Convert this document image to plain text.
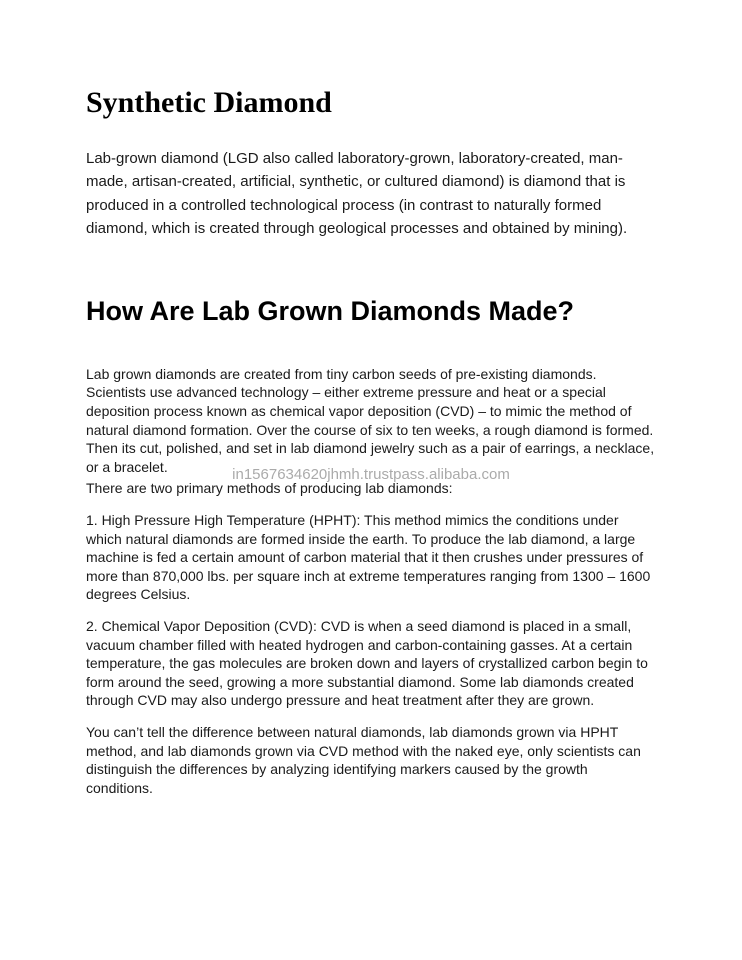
Synthetic Diamond

Lab-grown diamond (LGD also called laboratory-grown, laboratory-created, man-made, artisan-created, artificial, synthetic, or cultured diamond) is diamond that is produced in a controlled technological process (in contrast to naturally formed diamond, which is created through geological processes and obtained by mining).

How Are Lab Grown Diamonds Made?

Lab grown diamonds are created from tiny carbon seeds of pre-existing diamonds. Scientists use advanced technology – either extreme pressure and heat or a special deposition process known as chemical vapor deposition (CVD) – to mimic the method of natural diamond formation. Over the course of six to ten weeks, a rough diamond is formed. Then its cut, polished, and set in lab diamond jewelry such as a pair of earrings, a necklace, or a bracelet.

There are two primary methods of producing lab diamonds:

1. High Pressure High Temperature (HPHT): This method mimics the conditions under which natural diamonds are formed inside the earth. To produce the lab diamond, a large machine is fed a certain amount of carbon material that it then crushes under pressures of more than 870,000 lbs. per square inch at extreme temperatures ranging from 1300 – 1600 degrees Celsius.

2. Chemical Vapor Deposition (CVD): CVD is when a seed diamond is placed in a small, vacuum chamber filled with heated hydrogen and carbon-containing gasses. At a certain temperature, the gas molecules are broken down and layers of crystallized carbon begin to form around the seed, growing a more substantial diamond. Some lab diamonds created through CVD may also undergo pressure and heat treatment after they are grown.

You can’t tell the difference between natural diamonds, lab diamonds grown via HPHT method, and lab diamonds grown via CVD method with the naked eye, only scientists can distinguish the differences by analyzing identifying markers caused by the growth conditions.

in1567634620jhmh.trustpass.alibaba.com
